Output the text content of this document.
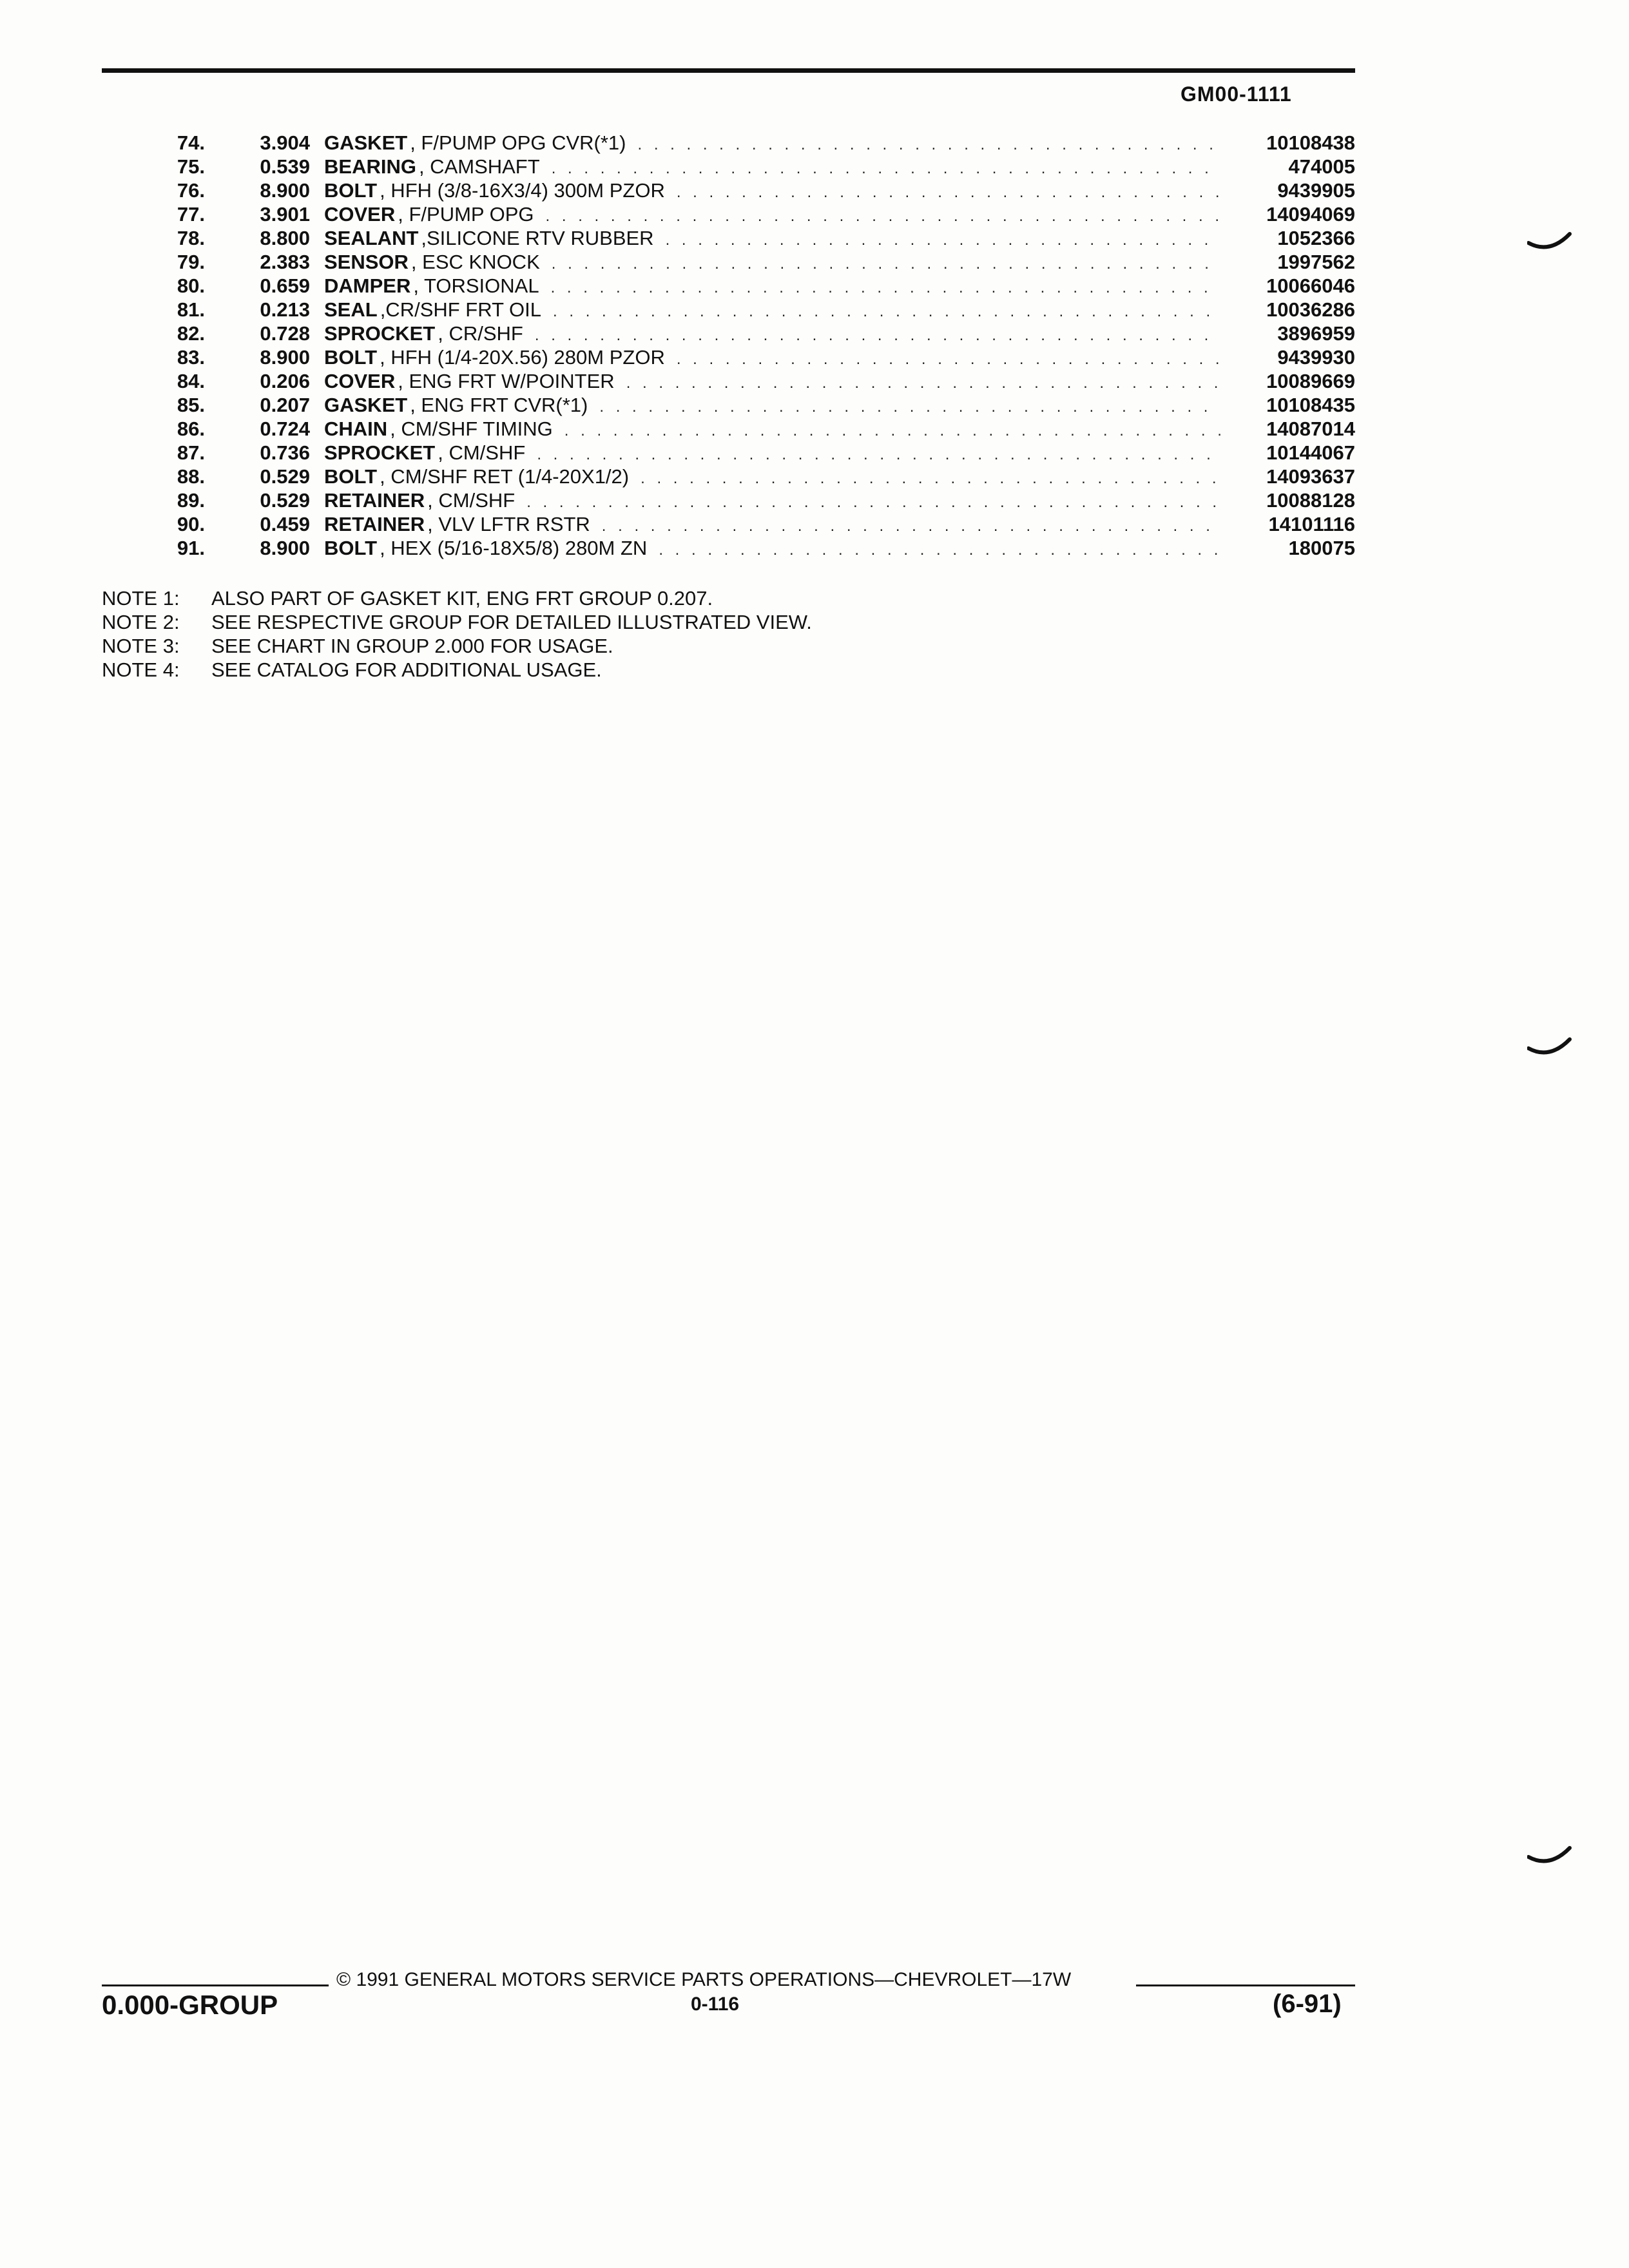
GM00-1111
74.	3.904 GASKET , F/PUMP OPG CVR(*1) . . .	10108438
75.	0.539 BEARING , CAMSHAFT . . .	474005
76.	8.900 BOLT , HFH (3/8-16X3/4) 300M PZOR . . .	9439905
77.	3.901 COVER , F/PUMP OPG . . .	14094069
78.	8.800 SEALANT ,SILICONE RTV RUBBER . . .	1052366
79.	2.383 SENSOR , ESC KNOCK . . .	1997562
80.	0.659 DAMPER , TORSIONAL . . .	10066046
81.	0.213 SEAL ,CR/SHF FRT OIL . . .	10036286
82.	0.728 SPROCKET , CR/SHF . . .	3896959
83.	8.900 BOLT , HFH (1/4-20X.56) 280M PZOR . . .	9439930
84.	0.206 COVER , ENG FRT W/POINTER . . .	10089669
85.	0.207 GASKET , ENG FRT CVR(*1) . . .	10108435
86.	0.724 CHAIN , CM/SHF TIMING . . .	14087014
87.	0.736 SPROCKET , CM/SHF . . .	10144067
88.	0.529 BOLT , CM/SHF RET (1/4-20X1/2) . . .	14093637
89.	0.529 RETAINER , CM/SHF . . .	10088128
90.	0.459 RETAINER , VLV LFTR RSTR . . .	14101116
91.	8.900 BOLT , HEX (5/16-18X5/8) 280M ZN . . .	180075
NOTE 1: ALSO PART OF GASKET KIT, ENG FRT GROUP 0.207.
NOTE 2: SEE RESPECTIVE GROUP FOR DETAILED ILLUSTRATED VIEW.
NOTE 3: SEE CHART IN GROUP 2.000 FOR USAGE.
NOTE 4: SEE CATALOG FOR ADDITIONAL USAGE.
© 1991 GENERAL MOTORS SERVICE PARTS OPERATIONS—CHEVROLET—17W
0.000-GROUP	0-116	(6-91)
